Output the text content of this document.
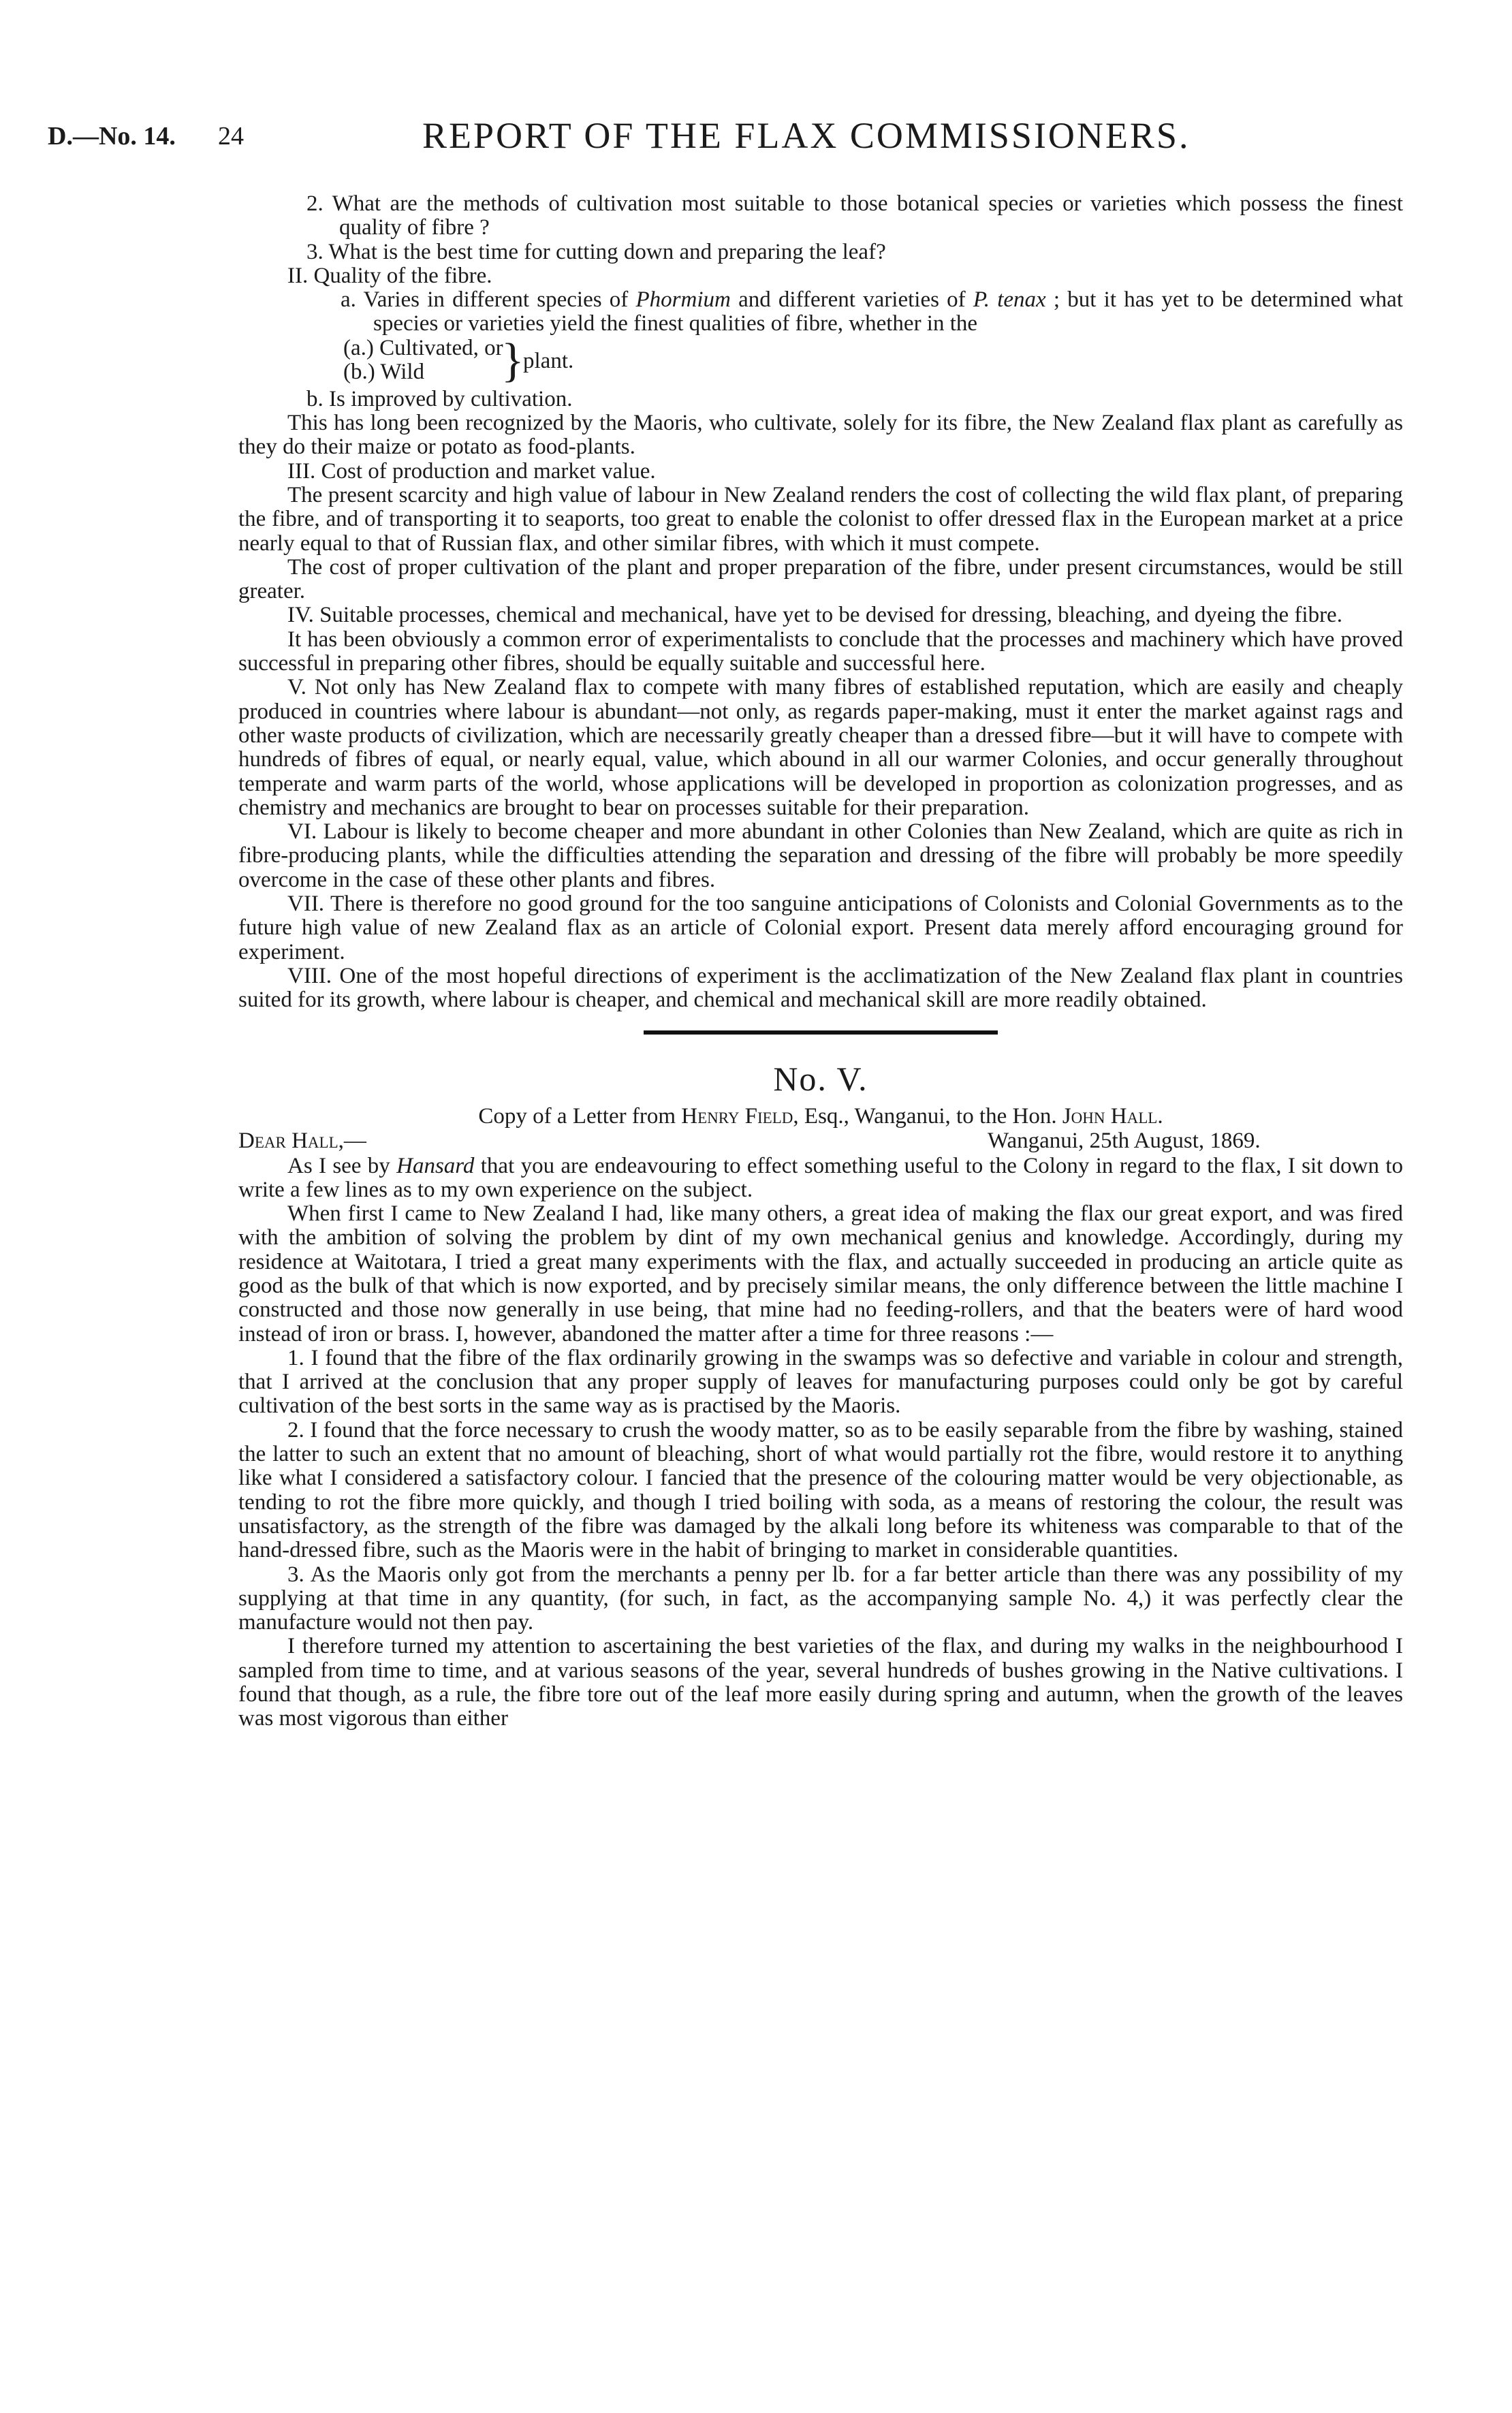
D.—No. 14. 24	REPORT OF THE FLAX COMMISSIONERS.

2. What are the methods of cultivation most suitable to those botanical species or varieties which possess the finest quality of fibre ?

3. What is the best time for cutting down and preparing the leaf?

II. Quality of the fibre.

a. Varies in different species of Phormium and different varieties of P. tenax ; but it has yet to be determined what species or varieties yield the finest qualities of fibre, whether in the

(a.) Cultivated, or
(b.) Wild	}
plant.

b. Is improved by cultivation.

This has long been recognized by the Maoris, who cultivate, solely for its fibre, the New Zealand flax plant as carefully as they do their maize or potato as food-plants.

III. Cost of production and market value.

The present scarcity and high value of labour in New Zealand renders the cost of collecting the wild flax plant, of preparing the fibre, and of transporting it to seaports, too great to enable the colonist to offer dressed flax in the European market at a price nearly equal to that of Russian flax, and other similar fibres, with which it must compete.

The cost of proper cultivation of the plant and proper preparation of the fibre, under present circumstances, would be still greater.

IV. Suitable processes, chemical and mechanical, have yet to be devised for dressing, bleaching, and dyeing the fibre.

It has been obviously a common error of experimentalists to conclude that the processes and machinery which have proved successful in preparing other fibres, should be equally suitable and successful here.

V. Not only has New Zealand flax to compete with many fibres of established reputation, which are easily and cheaply produced in countries where labour is abundant—not only, as regards paper-making, must it enter the market against rags and other waste products of civilization, which are necessarily greatly cheaper than a dressed fibre—but it will have to compete with hundreds of fibres of equal, or nearly equal, value, which abound in all our warmer Colonies, and occur generally throughout temperate and warm parts of the world, whose applications will be developed in proportion as colonization progresses, and as chemistry and mechanics are brought to bear on processes suitable for their preparation.

VI. Labour is likely to become cheaper and more abundant in other Colonies than New Zealand, which are quite as rich in fibre-producing plants, while the difficulties attending the separation and dressing of the fibre will probably be more speedily overcome in the case of these other plants and fibres.

VII. There is therefore no good ground for the too sanguine anticipations of Colonists and Colonial Governments as to the future high value of new Zealand flax as an article of Colonial export. Present data merely afford encouraging ground for experiment.

VIII. One of the most hopeful directions of experiment is the acclimatization of the New Zealand flax plant in countries suited for its growth, where labour is cheaper, and chemical and mechanical skill are more readily obtained.

No. V.

Copy of a Letter from Henry Field, Esq., Wanganui, to the Hon. John Hall.

Dear Hall,—	Wanganui, 25th August, 1869.

As I see by Hansard that you are endeavouring to effect something useful to the Colony in regard to the flax, I sit down to write a few lines as to my own experience on the subject.

When first I came to New Zealand I had, like many others, a great idea of making the flax our great export, and was fired with the ambition of solving the problem by dint of my own mechanical genius and knowledge. Accordingly, during my residence at Waitotara, I tried a great many experiments with the flax, and actually succeeded in producing an article quite as good as the bulk of that which is now exported, and by precisely similar means, the only difference between the little machine I constructed and those now generally in use being, that mine had no feeding-rollers, and that the beaters were of hard wood instead of iron or brass. I, however, abandoned the matter after a time for three reasons :—

1. I found that the fibre of the flax ordinarily growing in the swamps was so defective and variable in colour and strength, that I arrived at the conclusion that any proper supply of leaves for manufacturing purposes could only be got by careful cultivation of the best sorts in the same way as is practised by the Maoris.

2. I found that the force necessary to crush the woody matter, so as to be easily separable from the fibre by washing, stained the latter to such an extent that no amount of bleaching, short of what would partially rot the fibre, would restore it to anything like what I considered a satisfactory colour. I fancied that the presence of the colouring matter would be very objectionable, as tending to rot the fibre more quickly, and though I tried boiling with soda, as a means of restoring the colour, the result was unsatisfactory, as the strength of the fibre was damaged by the alkali long before its whiteness was comparable to that of the hand-dressed fibre, such as the Maoris were in the habit of bringing to market in considerable quantities.

3. As the Maoris only got from the merchants a penny per lb. for a far better article than there was any possibility of my supplying at that time in any quantity, (for such, in fact, as the accompanying sample No. 4,) it was perfectly clear the manufacture would not then pay.

I therefore turned my attention to ascertaining the best varieties of the flax, and during my walks in the neighbourhood I sampled from time to time, and at various seasons of the year, several hundreds of bushes growing in the Native cultivations. I found that though, as a rule, the fibre tore out of the leaf more easily during spring and autumn, when the growth of the leaves was most vigorous than either
